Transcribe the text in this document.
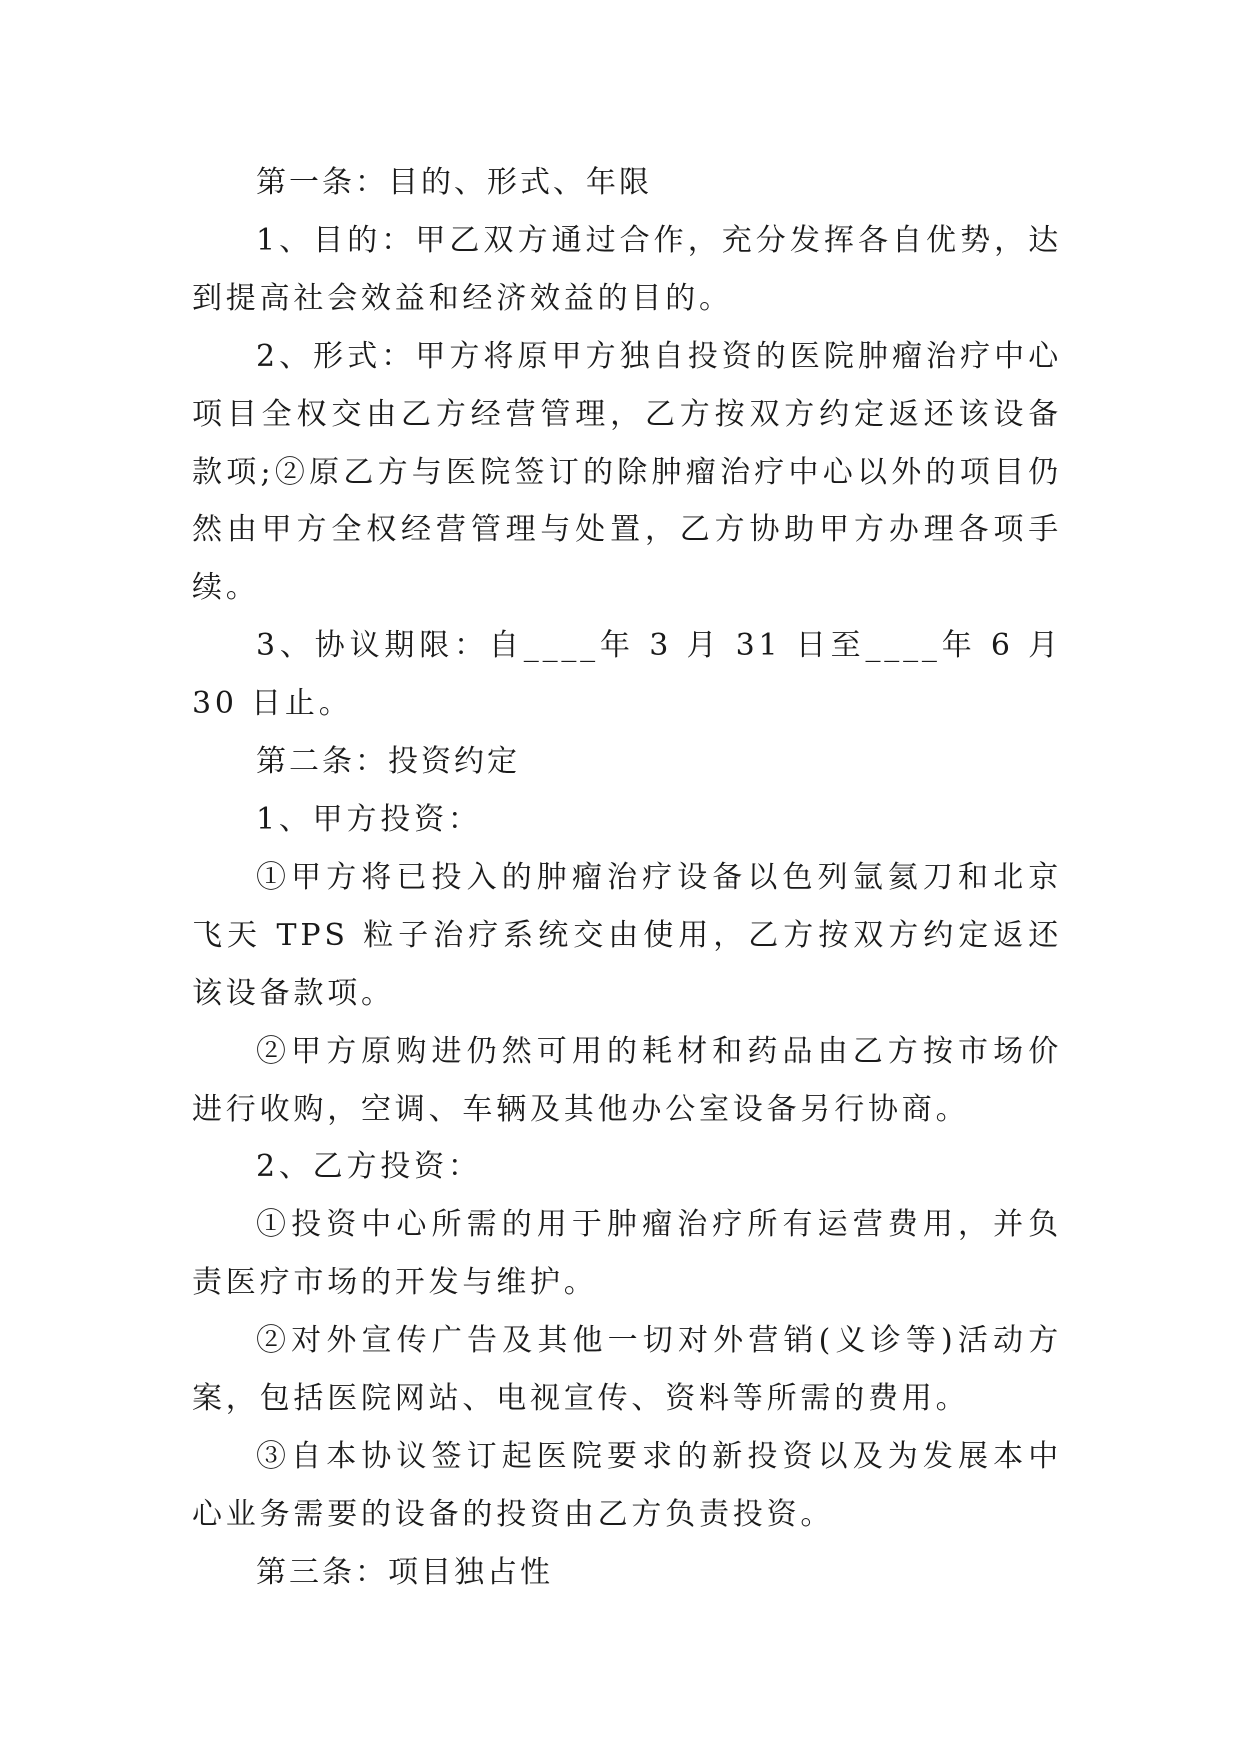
第一条：目的、形式、年限

1、目的：甲乙双方通过合作，充分发挥各自优势，达到提高社会效益和经济效益的目的。

2、形式：甲方将原甲方独自投资的医院肿瘤治疗中心项目全权交由乙方经营管理，乙方按双方约定返还该设备款项;②原乙方与医院签订的除肿瘤治疗中心以外的项目仍然由甲方全权经营管理与处置，乙方协助甲方办理各项手续。

3、协议期限：自____年 3 月 31 日至____年 6 月 30 日止。

第二条：投资约定

1、甲方投资：

①甲方将已投入的肿瘤治疗设备以色列氩氦刀和北京飞天 TPS 粒子治疗系统交由使用，乙方按双方约定返还该设备款项。

②甲方原购进仍然可用的耗材和药品由乙方按市场价进行收购，空调、车辆及其他办公室设备另行协商。

2、乙方投资：

①投资中心所需的用于肿瘤治疗所有运营费用，并负责医疗市场的开发与维护。

②对外宣传广告及其他一切对外营销(义诊等)活动方案，包括医院网站、电视宣传、资料等所需的费用。

③自本协议签订起医院要求的新投资以及为发展本中心业务需要的设备的投资由乙方负责投资。

第三条：项目独占性
